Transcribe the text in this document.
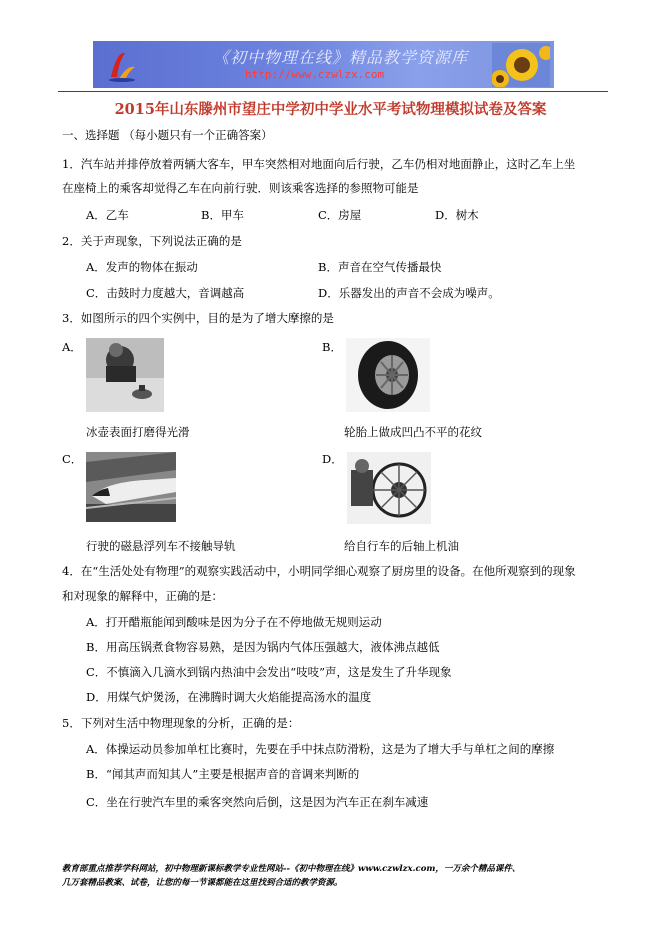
《初中物理在线》精品教学资源库
http://www.czwlzx.com
2015年山东滕州市望庄中学初中学业水平考试物理模拟试卷及答案
一、选择题 （每小题只有一个正确答案）
1．汽车站并排停放着两辆大客车，甲车突然相对地面向后行驶，乙车仍相对地面静止，这时乙车上坐
在座椅上的乘客却觉得乙车在向前行驶．则该乘客选择的参照物可能是
A．乙车	B．甲车	C．房屋	D．树木
2．关于声现象，下列说法正确的是
A．发声的物体在振动	B．声音在空气传播最快
C．击鼓时力度越大，音调越高	D．乐器发出的声音不会成为噪声。
3．如图所示的四个实例中，目的是为了增大摩擦的是
A．	B．
冰壶表面打磨得光滑	轮胎上做成凹凸不平的花纹
C．	D．
行驶的磁悬浮列车不接触导轨	给自行车的后轴上机油
4．在“生活处处有物理”的观察实践活动中，小明同学细心观察了厨房里的设备。在他所观察到的现象
和对现象的解释中，正确的是：
A．打开醋瓶能闻到酸味是因为分子在不停地做无规则运动
B．用高压锅煮食物容易熟，是因为锅内气体压强越大，液体沸点越低
C．不慎滴入几滴水到锅内热油中会发出“吱吱”声，这是发生了升华现象
D．用煤气炉煲汤，在沸腾时调大火焰能提高汤水的温度
5．下列对生活中物理现象的分析，正确的是：
A．体操运动员参加单杠比赛时，先要在手中抹点防滑粉，这是为了增大手与单杠之间的摩擦
B．“闻其声而知其人”主要是根据声音的音调来判断的
C．坐在行驶汽车里的乘客突然向后倒，这是因为汽车正在刹车减速
教育部重点推荐学科网站，初中物理新课标教学专业性网站--《初中物理在线》www.czwlzx.com，一万余个精品课件、
几万套精品教案、试卷，让您的每一节课都能在这里找到合适的教学资源。
